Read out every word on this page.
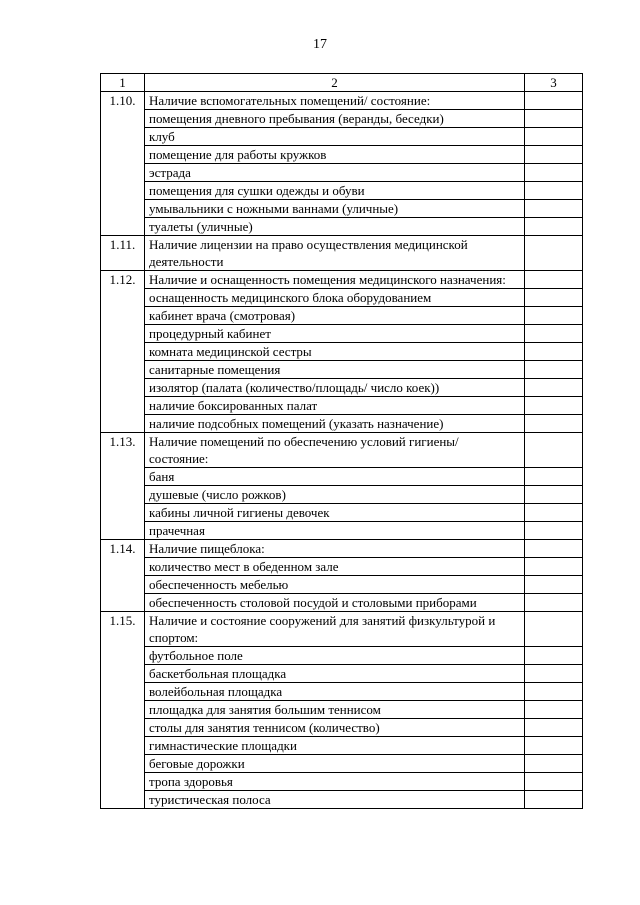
17
1	2	3
1.10.	Наличие вспомогательных помещений/ состояние:	
	помещения дневного пребывания (веранды, беседки)	
	клуб	
	помещение для работы кружков	
	эстрада	
	помещения для сушки одежды и обуви	
	умывальники с ножными ваннами (уличные)	
	туалеты (уличные)	
1.11.	Наличие лицензии на право осуществления медицинской деятельности	
1.12.	Наличие и оснащенность помещения медицинского назначения:	
	оснащенность медицинского блока оборудованием	
	кабинет врача (смотровая)	
	процедурный кабинет	
	комната медицинской сестры	
	санитарные помещения	
	изолятор (палата (количество/площадь/ число коек))	
	наличие боксированных палат	
	наличие подсобных помещений (указать назначение)	
1.13.	Наличие помещений по обеспечению условий гигиены/ состояние:	
	баня	
	душевые (число рожков)	
	кабины личной гигиены девочек	
	прачечная	
1.14.	Наличие пищеблока:	
	количество мест в обеденном зале	
	обеспеченность мебелью	
	обеспеченность столовой посудой и столовыми приборами	
1.15.	Наличие и состояние сооружений для занятий физкультурой и спортом:	
	футбольное поле	
	баскетбольная площадка	
	волейбольная площадка	
	площадка для занятия большим теннисом	
	столы для занятия теннисом (количество)	
	гимнастические площадки	
	беговые дорожки	
	тропа здоровья	
	туристическая полоса	
